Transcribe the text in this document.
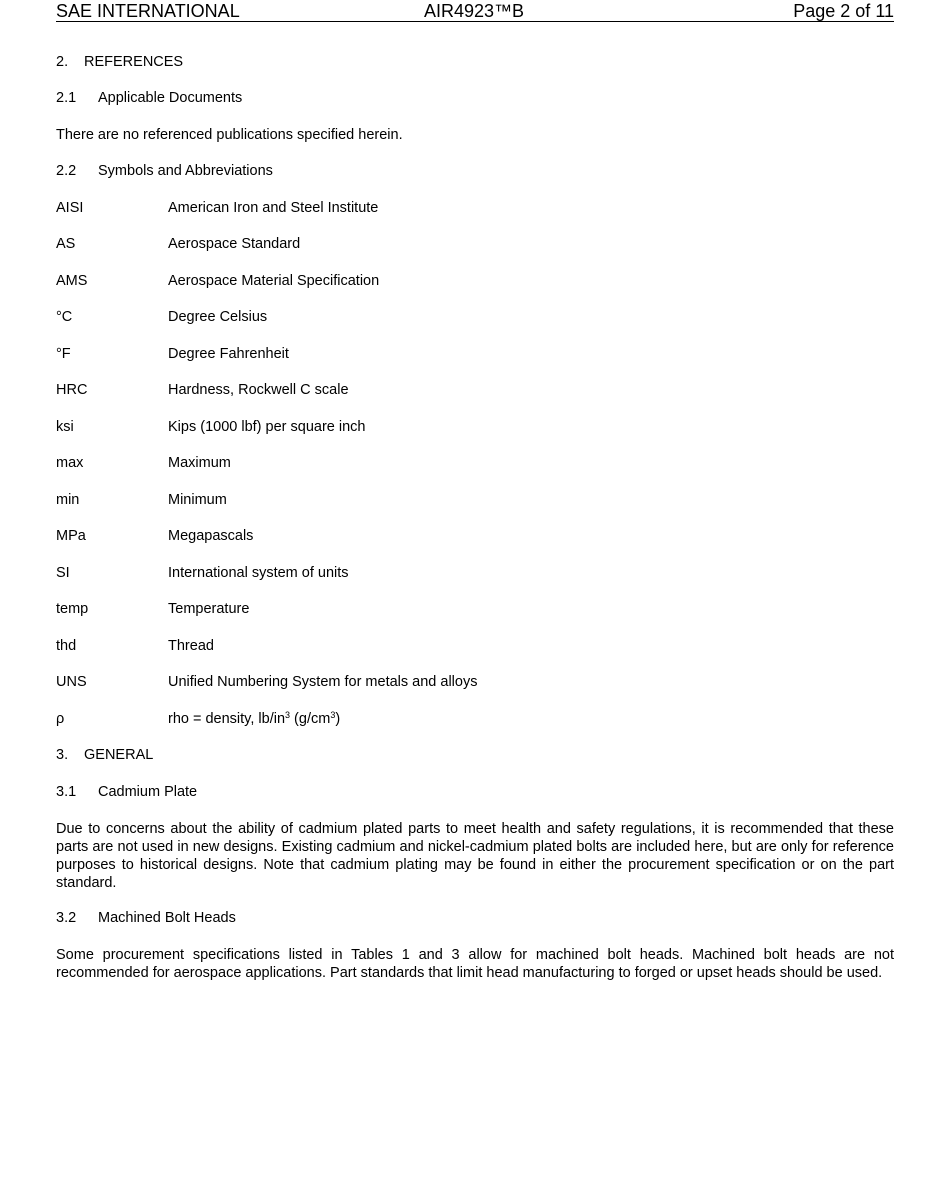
SAE INTERNATIONAL	AIR4923™B	Page 2 of 11
2. REFERENCES
2.1 Applicable Documents
There are no referenced publications specified herein.
2.2 Symbols and Abbreviations
AISI	American Iron and Steel Institute
AS	Aerospace Standard
AMS	Aerospace Material Specification
°C	Degree Celsius
°F	Degree Fahrenheit
HRC	Hardness, Rockwell C scale
ksi	Kips (1000 lbf) per square inch
max	Maximum
min	Minimum
MPa	Megapascals
SI	International system of units
temp	Temperature
thd	Thread
UNS	Unified Numbering System for metals and alloys
ρ	rho = density, $lb/in^3$ $(g/cm^3)$
3. GENERAL
3.1 Cadmium Plate

Due to concerns about the ability of cadmium plated parts to meet health and safety regulations, it is recommended that these parts are not used in new designs. Existing cadmium and nickel-cadmium plated bolts are included here, but are only for reference purposes to historical designs. Note that cadmium plating may be found in either the procurement specification or on the part standard.

3.2 Machined Bolt Heads

Some procurement specifications listed in Tables 1 and 3 allow for machined bolt heads. Machined bolt heads are not recommended for aerospace applications. Part standards that limit head manufacturing to forged or upset heads should be used.
